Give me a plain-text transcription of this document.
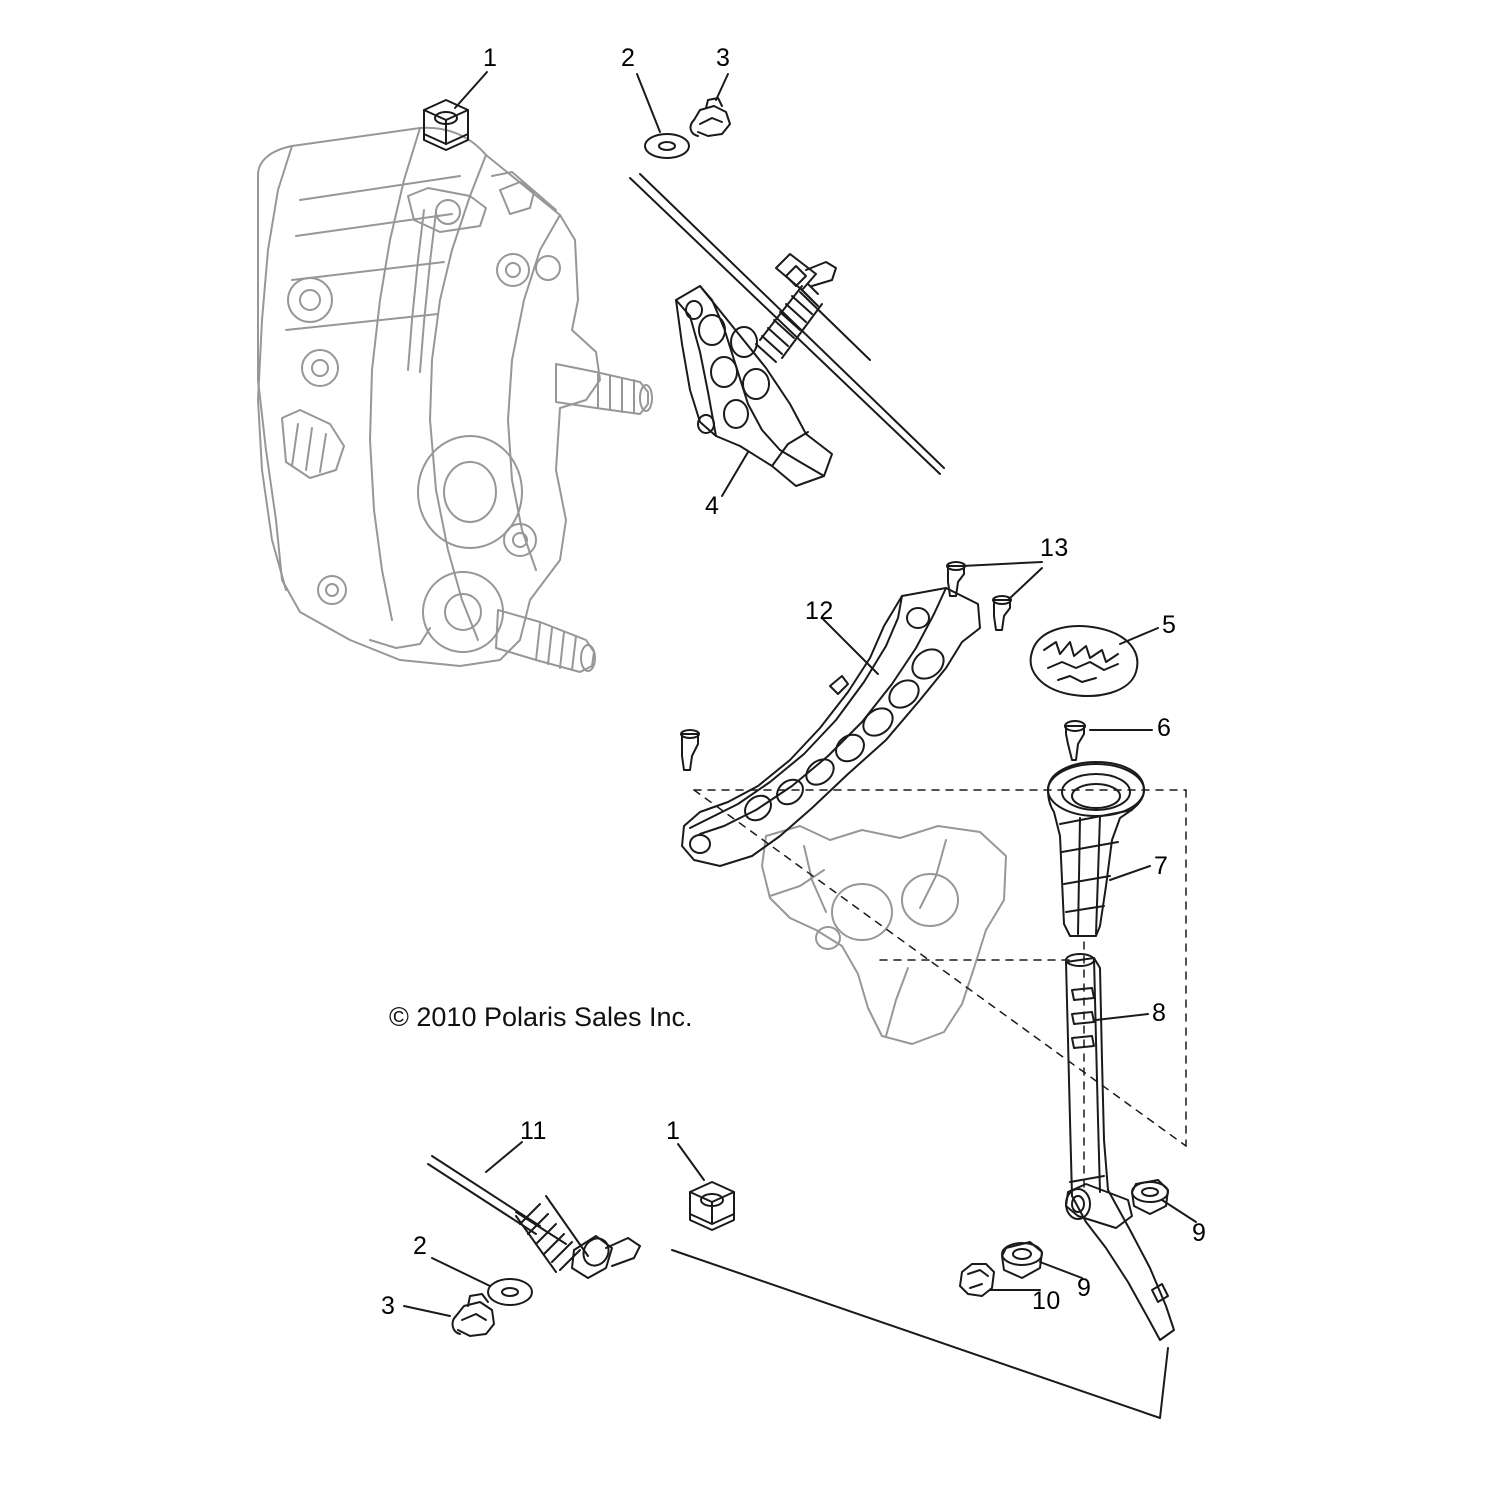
1	2	3
4
13
12	5
6
7
8
9
9
10
11	1
2
3
© 2010 Polaris Sales Inc.
